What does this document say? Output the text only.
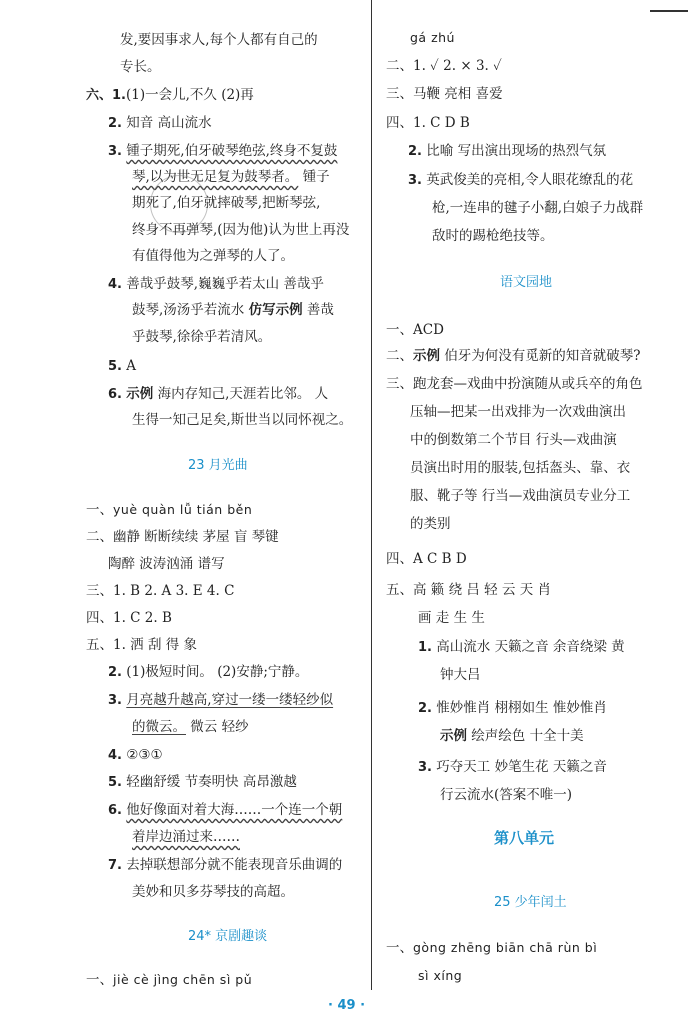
发,要因事求人,每个人都有自己的
专长。
六、1.(1)一会儿,不久 (2)再
2. 知音 高山流水
3. 锺子期死,伯牙破琴绝弦,终身不复鼓
琴,以为世无足复为鼓琴者。 锺子
期死了,伯牙就摔破琴,把断琴弦,
终身不再弹琴,(因为他)认为世上再没
有值得他为之弹琴的人了。
4. 善哉乎鼓琴,巍巍乎若太山 善哉乎
鼓琴,汤汤乎若流水 仿写示例 善哉
乎鼓琴,徐徐乎若清风。
5. A
6. 示例 海内存知己,天涯若比邻。 人
生得一知己足矣,斯世当以同怀视之。
23 月光曲
一、yuè quàn lǚ tián běn
二、幽静 断断续续 茅屋 盲 琴键
陶醉 波涛汹涌 谱写
三、1. B 2. A 3. E 4. C
四、1. C 2. B
五、1. 洒 刮 得 象
2. (1)极短时间。 (2)安静;宁静。
3. 月亮越升越高,穿过一缕一缕轻纱似
的微云。 微云 轻纱
4. ②③①
5. 轻幽舒缓 节奏明快 高昂激越
6. 他好像面对着大海……一个连一个朝
着岸边涌过来……
7. 去掉联想部分就不能表现音乐曲调的
美妙和贝多芬琴技的高超。
24* 京剧趣谈
一、jiè cè jìng chēn sì pǔ
gá zhú
二、1. ✓ 2. × 3. ✓
三、马鞭 亮相 喜爱
四、1. C D B
2. 比喻 写出演出现场的热烈气氛
3. 英武俊美的亮相,令人眼花缭乱的花
枪,一连串的毽子小翻,白娘子力战群
敌时的踢枪绝技等。
语文园地
一、ACD
二、示例 伯牙为何没有觅新的知音就破琴?
三、跑龙套—戏曲中扮演随从或兵卒的角色
压轴—把某一出戏排为一次戏曲演出
中的倒数第二个节目 行头—戏曲演
员演出时用的服装,包括盔头、靠、衣
服、靴子等 行当—戏曲演员专业分工
的类别
四、A C B D
五、高 籁 绕 吕 轻 云 天 肖
画 走 生 生
1. 高山流水 天籁之音 余音绕梁 黄
钟大吕
2. 惟妙惟肖 栩栩如生 惟妙惟肖
示例 绘声绘色 十全十美
3. 巧夺天工 妙笔生花 天籁之音
行云流水(答案不唯一)
第八单元
25 少年闰土
一、gòng zhēng biān chā rùn bì
sì xíng
· 49 ·
